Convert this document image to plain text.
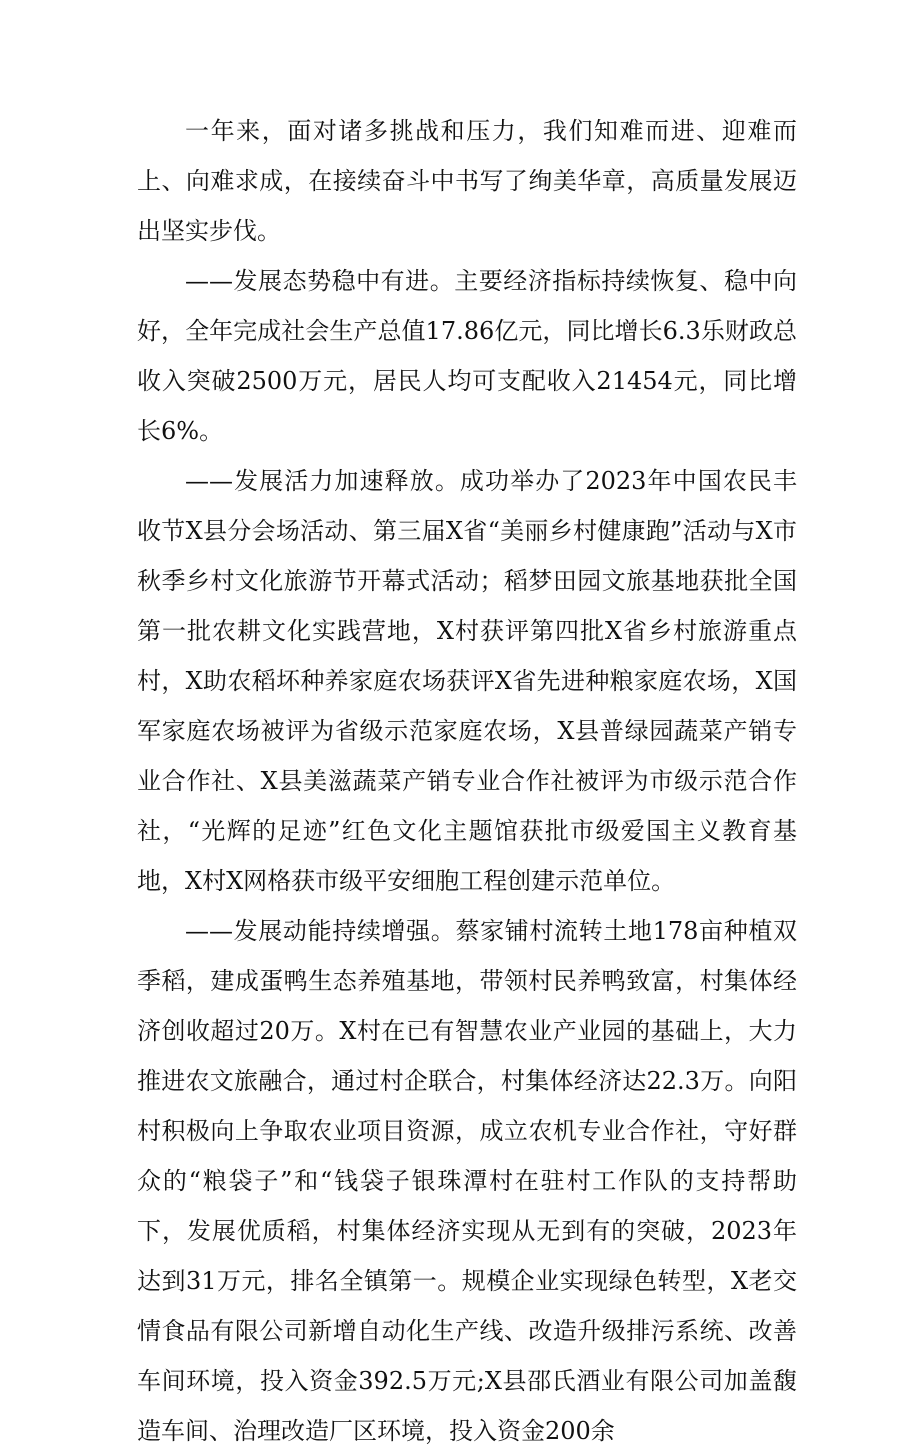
一年来，面对诸多挑战和压力，我们知难而进、迎难而上、向难求成，在接续奋斗中书写了绚美华章，高质量发展迈出坚实步伐。

——发展态势稳中有进。主要经济指标持续恢复、稳中向好，全年完成社会生产总值17.86亿元，同比增长6.3乐财政总收入突破2500万元，居民人均可支配收入21454元，同比增长6%。

——发展活力加速释放。成功举办了2023年中国农民丰收节X县分会场活动、第三届X省“美丽乡村健康跑”活动与X市秋季乡村文化旅游节开幕式活动；稻梦田园文旅基地获批全国第一批农耕文化实践营地，X村获评第四批X省乡村旅游重点村，X助农稻坏种养家庭农场获评X省先进种粮家庭农场，X国军家庭农场被评为省级示范家庭农场，X县普绿园蔬菜产销专业合作社、X县美滋蔬菜产销专业合作社被评为市级示范合作社，“光辉的足迹”红色文化主题馆获批市级爱国主义教育基地，X村X网格获市级平安细胞工程创建示范单位。

——发展动能持续增强。蔡家铺村流转土地178亩种植双季稻，建成蛋鸭生态养殖基地，带领村民养鸭致富，村集体经济创收超过20万。X村在已有智慧农业产业园的基础上，大力推进农文旅融合，通过村企联合，村集体经济达22.3万。向阳村积极向上争取农业项目资源，成立农机专业合作社，守好群众的“粮袋子”和“钱袋子银珠潭村在驻村工作队的支持帮助下，发展优质稻，村集体经济实现从无到有的突破，2023年达到31万元，排名全镇第一。规模企业实现绿色转型，X老交情食品有限公司新增自动化生产线、改造升级排污系统、改善车间环境，投入资金392.5万元;X县邵氏酒业有限公司加盖馥造车间、治理改造厂区环境，投入资金200余
